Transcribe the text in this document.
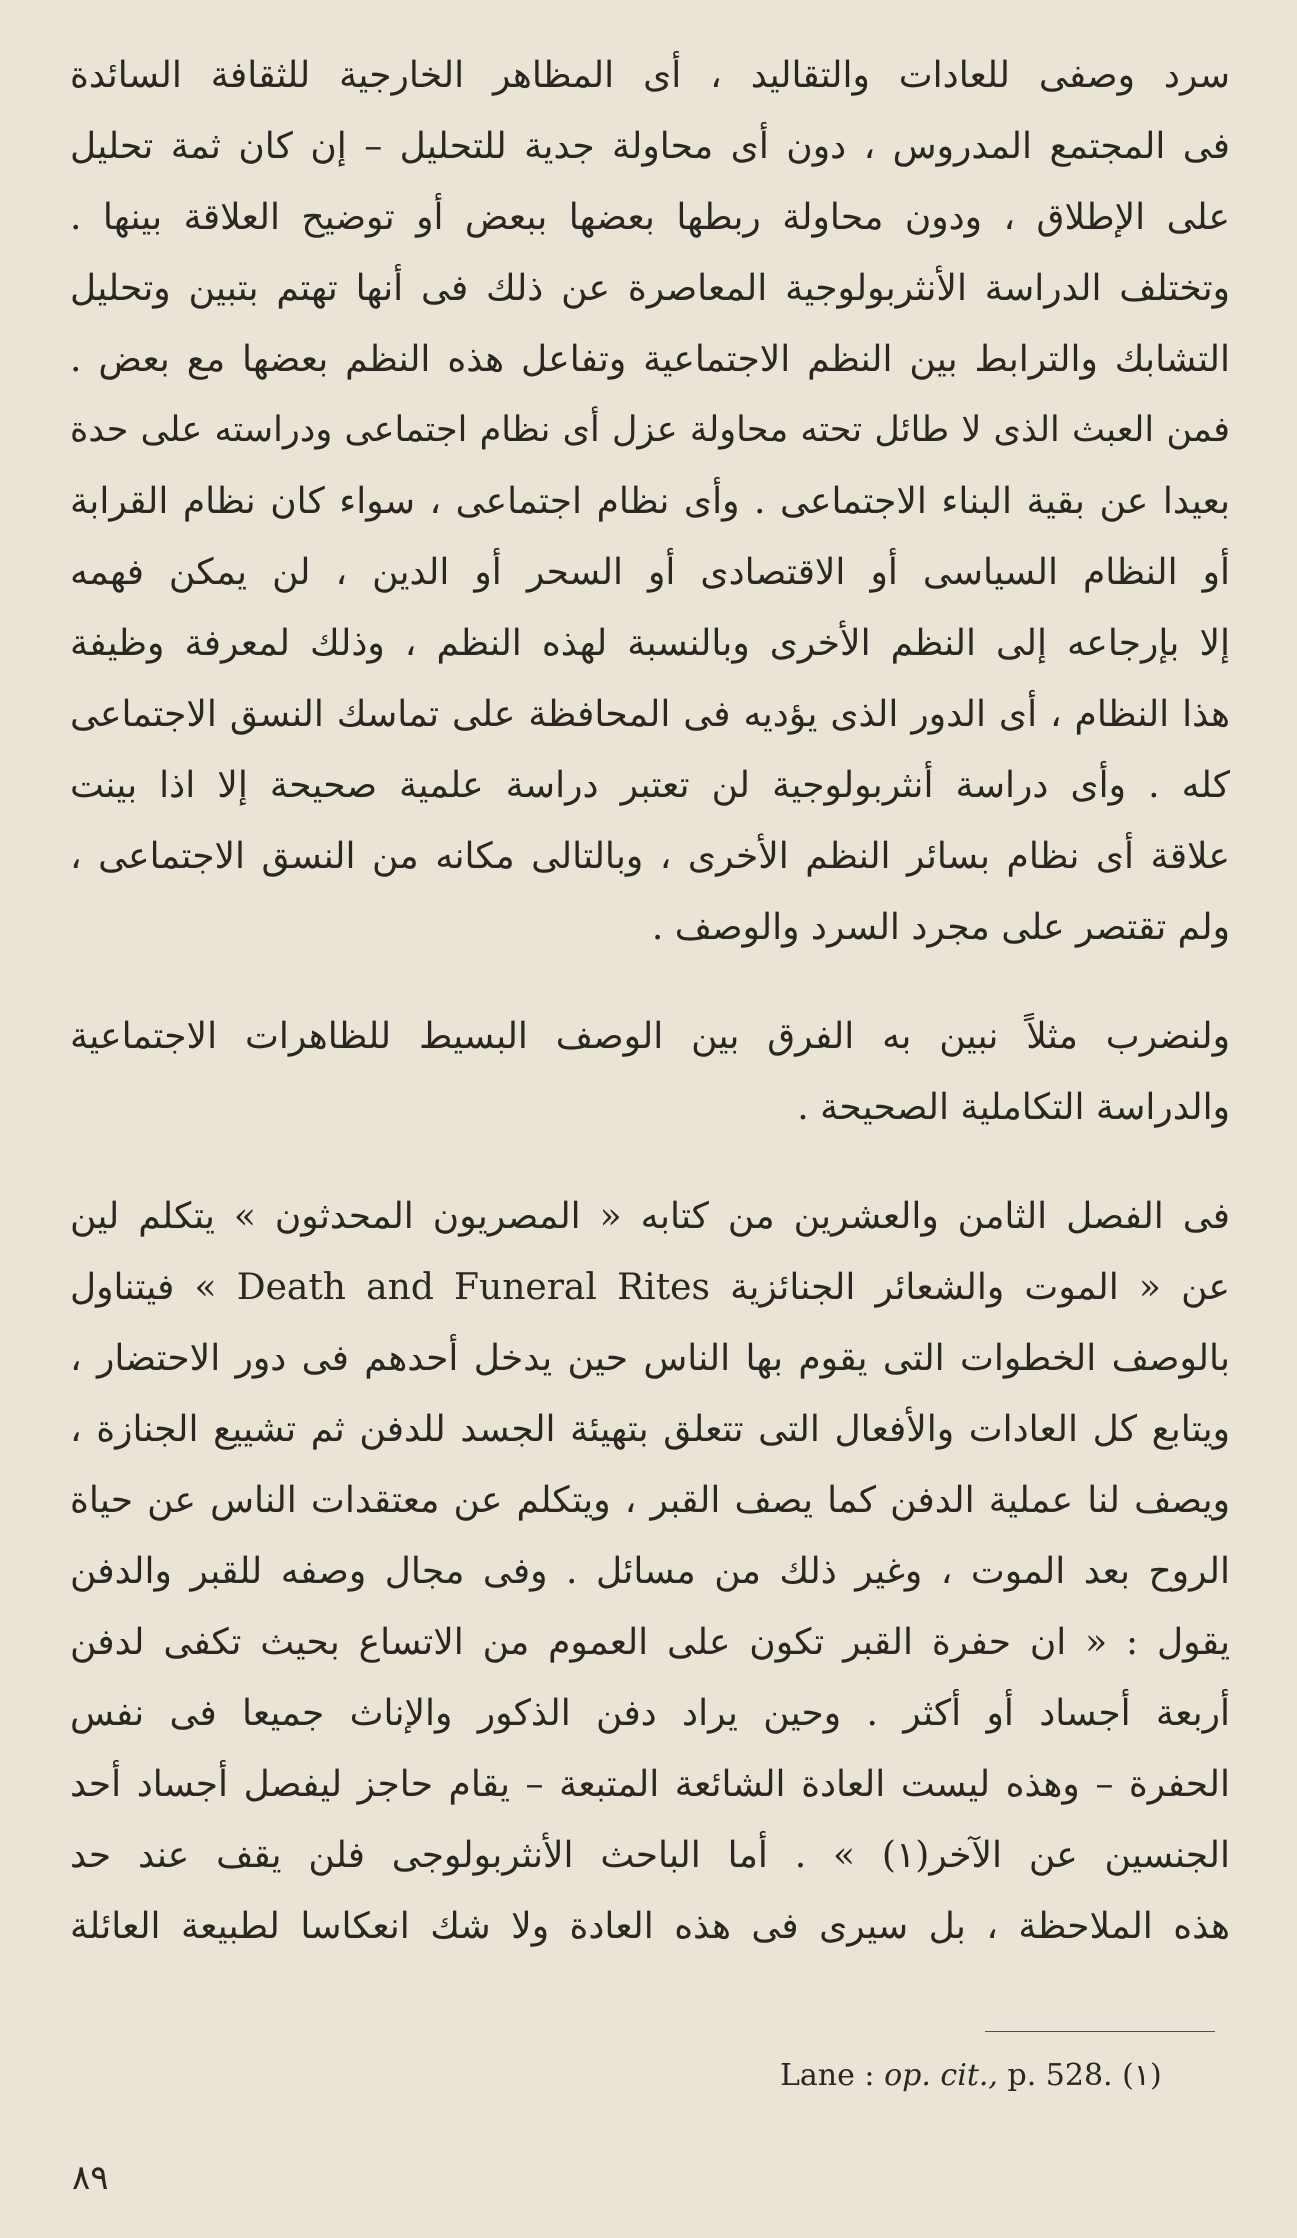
سرد وصفى للعادات والتقاليد ، أى المظاهر الخارجية للثقافة السائدة
فى المجتمع المدروس ، دون أى محاولة جدية للتحليل – إن كان ثمة تحليل
على الإطلاق ، ودون محاولة ربطها بعضها ببعض أو توضيح العلاقة بينها .
وتختلف الدراسة الأنثربولوجية المعاصرة عن ذلك فى أنها تهتم بتبين وتحليل
التشابك والترابط بين النظم الاجتماعية وتفاعل هذه النظم بعضها مع بعض .
فمن العبث الذى لا طائل تحته محاولة عزل أى نظام اجتماعى ودراسته على حدة
بعيدا عن بقية البناء الاجتماعى . وأى نظام اجتماعى ، سواء كان نظام القرابة
أو النظام السياسى أو الاقتصادى أو السحر أو الدين ، لن يمكن فهمه
إلا بإرجاعه إلى النظم الأخرى وبالنسبة لهذه النظم ، وذلك لمعرفة وظيفة
هذا النظام ، أى الدور الذى يؤديه فى المحافظة على تماسك النسق الاجتماعى
كله . وأى دراسة أنثربولوجية لن تعتبر دراسة علمية صحيحة إلا اذا بينت
علاقة أى نظام بسائر النظم الأخرى ، وبالتالى مكانه من النسق الاجتماعى ،
ولم تقتصر على مجرد السرد والوصف .
ولنضرب مثلاً نبين به الفرق بين الوصف البسيط للظاهرات الاجتماعية
والدراسة التكاملية الصحيحة .
فى الفصل الثامن والعشرين من كتابه « المصريون المحدثون » يتكلم لين
عن « الموت والشعائر الجنائزية Death and Funeral Rites » فيتناول
بالوصف الخطوات التى يقوم بها الناس حين يدخل أحدهم فى دور الاحتضار ،
ويتابع كل العادات والأفعال التى تتعلق بتهيئة الجسد للدفن ثم تشييع الجنازة ،
ويصف لنا عملية الدفن كما يصف القبر ، ويتكلم عن معتقدات الناس عن حياة
الروح بعد الموت ، وغير ذلك من مسائل . وفى مجال وصفه للقبر والدفن
يقول : « ان حفرة القبر تكون على العموم من الاتساع بحيث تكفى لدفن
أربعة أجساد أو أكثر . وحين يراد دفن الذكور والإناث جميعا فى نفس
الحفرة – وهذه ليست العادة الشائعة المتبعة – يقام حاجز ليفصل أجساد أحد
الجنسين عن الآخر(١) » . أما الباحث الأنثربولوجى فلن يقف عند حد
هذه الملاحظة ، بل سيرى فى هذه العادة ولا شك انعكاسا لطبيعة العائلة
Lane : op. cit., p. 528. (١)
٨٩
